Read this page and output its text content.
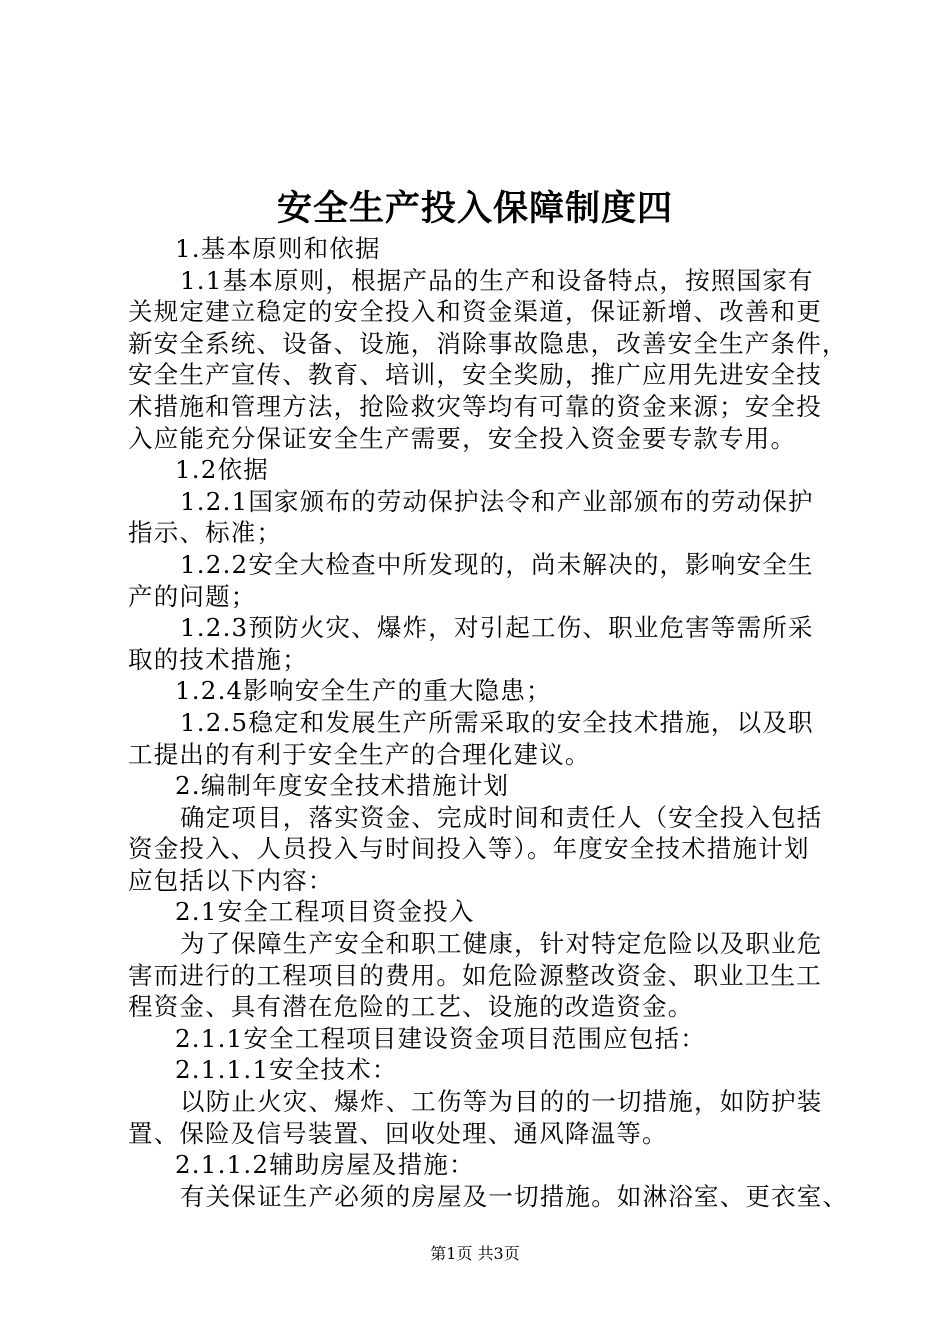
安全生产投入保障制度四

1.基本原则和依据

1.1基本原则，根据产品的生产和设备特点，按照国家有
关规定建立稳定的安全投入和资金渠道，保证新增、改善和更
新安全系统、设备、设施，消除事故隐患，改善安全生产条件，
安全生产宣传、教育、培训，安全奖励，推广应用先进安全技
术措施和管理方法，抢险救灾等均有可靠的资金来源；安全投
入应能充分保证安全生产需要，安全投入资金要专款专用。

1.2依据

1.2.1国家颁布的劳动保护法令和产业部颁布的劳动保护
指示、标准；

1.2.2安全大检查中所发现的，尚未解决的，影响安全生
产的问题；

1.2.3预防火灾、爆炸，对引起工伤、职业危害等需所采
取的技术措施；

1.2.4影响安全生产的重大隐患；

1.2.5稳定和发展生产所需采取的安全技术措施，以及职
工提出的有利于安全生产的合理化建议。

2.编制年度安全技术措施计划

确定项目，落实资金、完成时间和责任人（安全投入包括
资金投入、人员投入与时间投入等）。年度安全技术措施计划
应包括以下内容：

2.1安全工程项目资金投入

为了保障生产安全和职工健康，针对特定危险以及职业危
害而进行的工程项目的费用。如危险源整改资金、职业卫生工
程资金、具有潜在危险的工艺、设施的改造资金。

2.1.1安全工程项目建设资金项目范围应包括：

2.1.1.1安全技术：

以防止火灾、爆炸、工伤等为目的的一切措施，如防护装
置、保险及信号装置、回收处理、通风降温等。

2.1.1.2辅助房屋及措施：

有关保证生产必须的房屋及一切措施。如淋浴室、更衣室、

第1页 共3页
